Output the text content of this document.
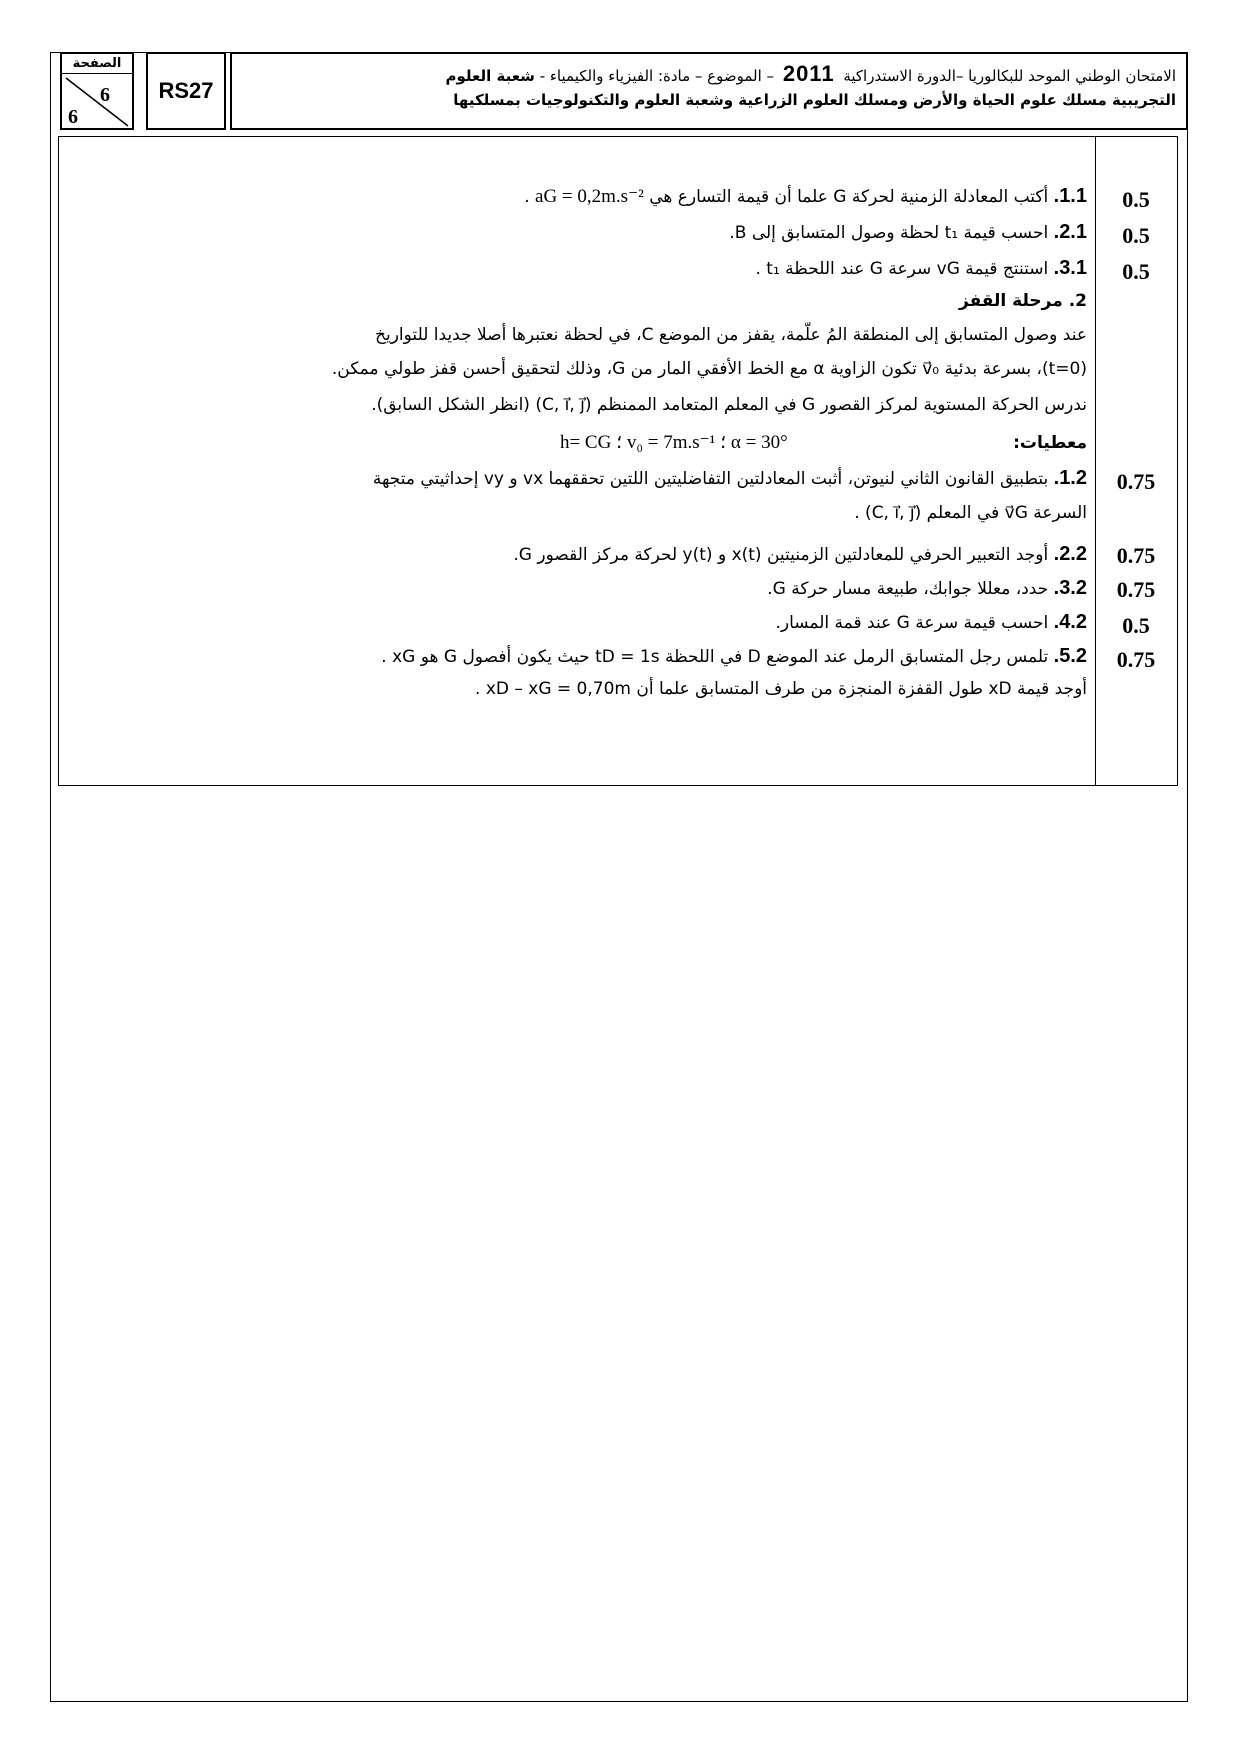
الصفحة
6
6
RS27
الامتحان الوطني الموحد للبكالوريا –الدورة الاستدراكية 2011 – الموضوع – مادة: الفيزياء والكيمياء - شعبة العلوم
التجريبية مسلك علوم الحياة والأرض ومسلك العلوم الزراعية وشعبة العلوم والتكنولوجيات بمسلكيها
1.1. أكتب المعادلة الزمنية لحركة G علما أن قيمة التسارع هي aG = 0,2m.s⁻² .
2.1. احسب قيمة t₁ لحظة وصول المتسابق إلى B.
3.1. استنتج قيمة vG سرعة G عند اللحظة t₁ .
2. مرحلة القفز
عند وصول المتسابق إلى المنطقة المُ علّمة، يقفز من الموضع C، في لحظة نعتبرها أصلا جديدا للتواريخ
(t=0)، بسرعة بدئية v⃗₀ تكون الزاوية α مع الخط الأفقي المار من G، وذلك لتحقيق أحسن قفز طولي ممكن.
ندرس الحركة المستوية لمركز القصور G في المعلم المتعامد الممنظم (C, i⃗, j⃗) (انظر الشكل السابق).
معطيات: h= CG ؛ v₀ = 7m.s⁻¹ ؛ α = 30°
1.2. بتطبيق القانون الثاني لنيوتن، أثبت المعادلتين التفاضليتين اللتين تحققهما vx و vy إحداثيتي متجهة
السرعة v⃗G في المعلم (C, i⃗, j⃗) .
2.2. أوجد التعبير الحرفي للمعادلتين الزمنيتين x(t) و y(t) لحركة مركز القصور G.
3.2. حدد، معللا جوابك، طبيعة مسار حركة G.
4.2. احسب قيمة سرعة G عند قمة المسار.
5.2. تلمس رجل المتسابق الرمل عند الموضع D في اللحظة tD = 1s حيث يكون أفصول G هو xG .
أوجد قيمة xD طول القفزة المنجزة من طرف المتسابق علما أن xD – xG = 0,70m .
0.5
0.5
0.5
0.75
0.75
0.75
0.5
0.75
